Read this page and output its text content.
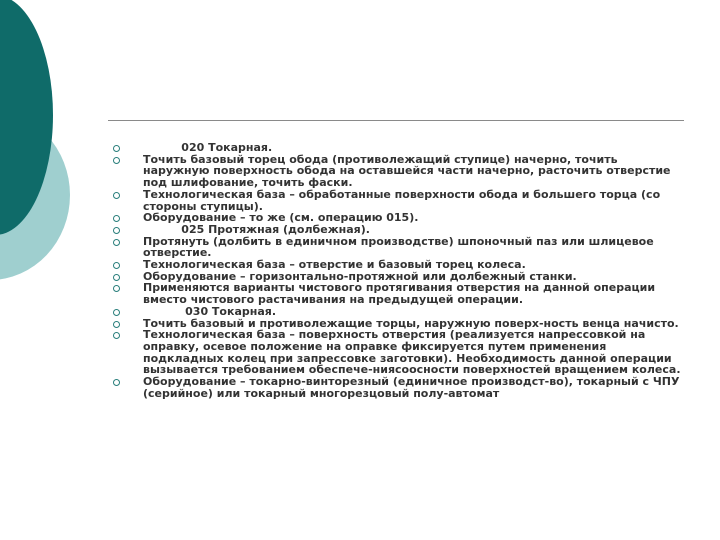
020 Токарная.
Точить базовый торец обода (противолежащий ступице) начерно, точить наружную поверхность обода на оставшейся части начерно, расточить отверстие под шлифование, точить фаски.
Технологическая база – обработанные поверхности обода и большего торца (со стороны ступицы).
Оборудование – то же (см. операцию 015).
025 Протяжная (долбежная).
Протянуть (долбить в единичном производстве) шпоночный паз или шлицевое отверстие.
Технологическая база – отверстие и базовый торец колеса.
Оборудование – горизонтально-протяжной или долбежный станки.
Применяются варианты чистового протягивания отверстия на данной операции вместо чистового растачивания на предыдущей операции.
030 Токарная.
Точить базовый и противолежащие торцы, наружную поверх-ность венца начисто.
Технологическая база – поверхность отверстия (реализуется напрессовкой на оправку, осевое положение на оправке фиксируется путем применения подкладных колец при запрессовке заготовки). Необходимость данной операции вызывается требованием обеспече-ниясоосности поверхностей вращением колеса.
Оборудование – токарно-винторезный (единичное производст-во), токарный с ЧПУ (серийное) или токарный многорезцовый полу-автомат
